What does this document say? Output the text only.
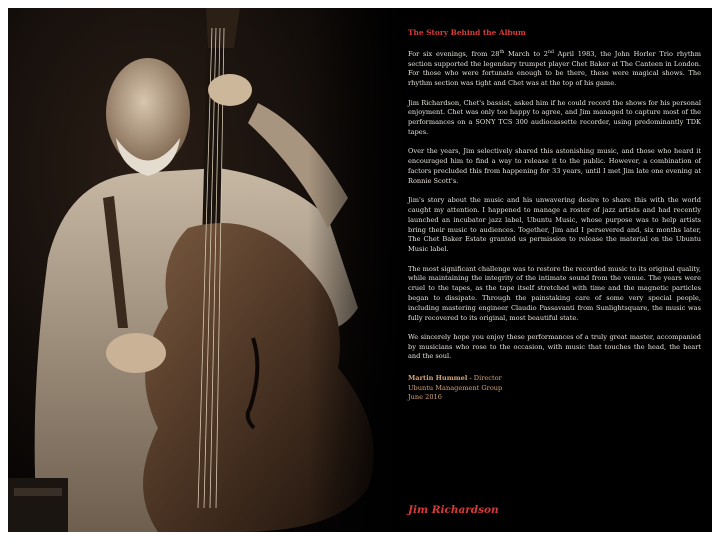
The Story Behind the Album

For six evenings, from 28th March to 2nd April 1983, the John Horler Trio rhythm section supported the legendary trumpet player Chet Baker at The Canteen in London. For those who were fortunate enough to be there, these were magical shows. The rhythm section was tight and Chet was at the top of his game.

Jim Richardson, Chet's bassist, asked him if he could record the shows for his personal enjoyment. Chet was only too happy to agree, and Jim managed to capture most of the performances on a SONY TCS 300 audiocassette recorder, using predominantly TDK tapes.

Over the years, Jim selectively shared this astonishing music, and those who heard it encouraged him to find a way to release it to the public. However, a combination of factors precluded this from happening for 33 years, until I met Jim late one evening at Ronnie Scott's.

Jim's story about the music and his unwavering desire to share this with the world caught my attention. I happened to manage a roster of jazz artists and had recently launched an incubator jazz label, Ubuntu Music, whose purpose was to help artists bring their music to audiences. Together, Jim and I persevered and, six months later, The Chet Baker Estate granted us permission to release the material on the Ubuntu Music label.

The most significant challenge was to restore the recorded music to its original quality, while maintaining the integrity of the intimate sound from the venue. The years were cruel to the tapes, as the tape itself stretched with time and the magnetic particles began to dissipate. Through the painstaking care of some very special people, including mastering engineer Claudio Passavanti from Sunlightsquare, the music was fully recovered to its original, most beautiful state.

We sincerely hope you enjoy these performances of a truly great master, accompanied by musicians who rose to the occasion, with music that touches the head, the heart and the soul.

Martin Hummel - Director
Ubuntu Management Group
June 2016
Jim Richardson
